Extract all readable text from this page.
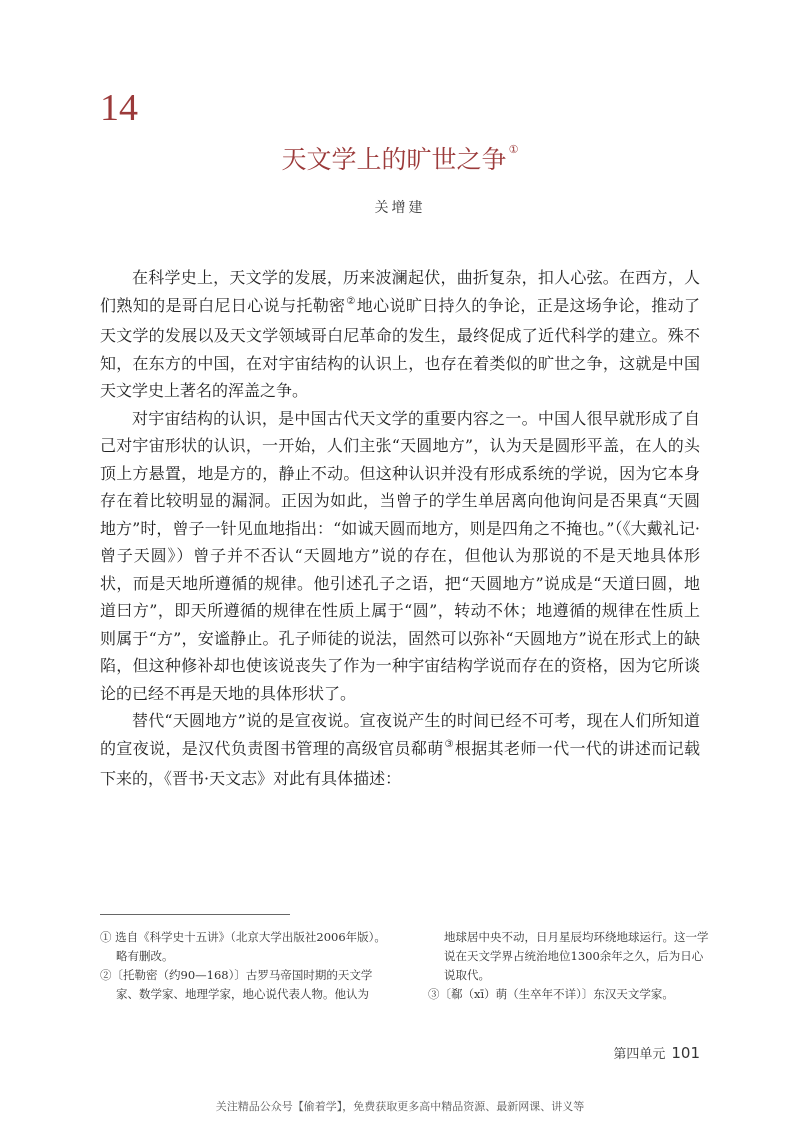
14
天文学上的旷世之争 ①
关增建

在科学史上，天文学的发展，历来波澜起伏，曲折复杂，扣人心弦。在西方，人们熟知的是哥白尼日心说与托勒密②地心说旷日持久的争论，正是这场争论，推动了天文学的发展以及天文学领域哥白尼革命的发生，最终促成了近代科学的建立。殊不知，在东方的中国，在对宇宙结构的认识上，也存在着类似的旷世之争，这就是中国天文学史上著名的浑盖之争。

对宇宙结构的认识，是中国古代天文学的重要内容之一。中国人很早就形成了自己对宇宙形状的认识，一开始，人们主张“天圆地方”，认为天是圆形平盖，在人的头顶上方悬置，地是方的，静止不动。但这种认识并没有形成系统的学说，因为它本身存在着比较明显的漏洞。正因为如此，当曾子的学生单居离向他询问是否果真“天圆地方”时，曾子一针见血地指出：“如诚天圆而地方，则是四角之不掩也。”（《大戴礼记·曾子天圆》）曾子并不否认“天圆地方”说的存在，但他认为那说的不是天地具体形状，而是天地所遵循的规律。他引述孔子之语，把“天圆地方”说成是“天道曰圆，地道曰方”，即天所遵循的规律在性质上属于“圆”，转动不休；地遵循的规律在性质上则属于“方”，安谧静止。孔子师徒的说法，固然可以弥补“天圆地方”说在形式上的缺陷，但这种修补却也使该说丧失了作为一种宇宙结构学说而存在的资格，因为它所谈论的已经不再是天地的具体形状了。

替代“天圆地方”说的是宣夜说。宣夜说产生的时间已经不可考，现在人们所知道的宣夜说，是汉代负责图书管理的高级官员郗萌③根据其老师一代一代的讲述而记载下来的，《晋书·天文志》对此有具体描述：

① 选自《科学史十五讲》（北京大学出版社2006年版）。略有删改。

②〔托勒密（约90—168）〕古罗马帝国时期的天文学家、数学家、地理学家，地心说代表人物。他认为

地球居中央不动，日月星辰均环绕地球运行。这一学说在天文学界占统治地位1300余年之久，后为日心说取代。

③〔郗（xī）萌（生卒年不详）〕东汉天文学家。

第四单元 101
关注精品公众号【偷着学】，免费获取更多高中精品资源、最新网课、讲义等
